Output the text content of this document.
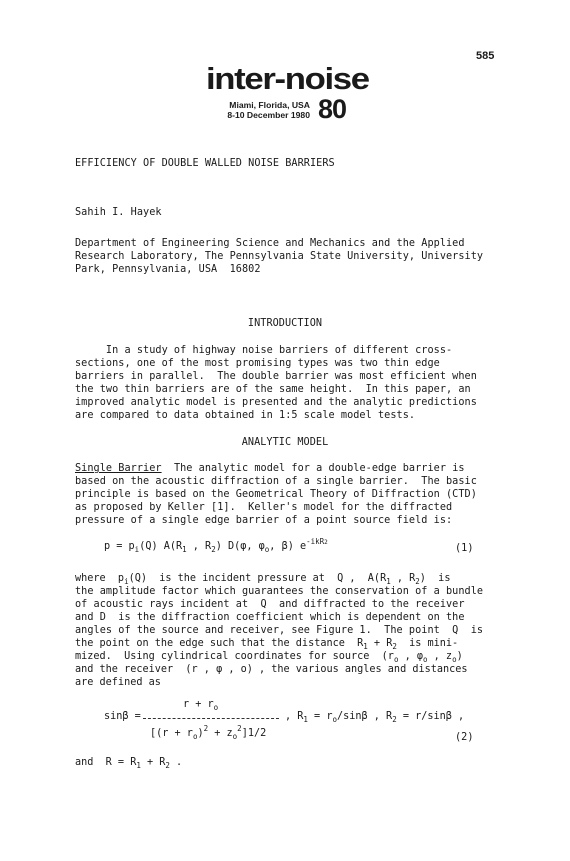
585
inter-noise
Miami, Florida, USA
8-10 December 1980 80
EFFICIENCY OF DOUBLE WALLED NOISE BARRIERS
Sahih I. Hayek
Department of Engineering Science and Mechanics and the Applied
Research Laboratory, The Pennsylvania State University, University
Park, Pennsylvania, USA  16802
INTRODUCTION
In a study of highway noise barriers of different cross-
sections, one of the most promising types was two thin edge
barriers in parallel.  The double barrier was most efficient when
the two thin barriers are of the same height.  In this paper, an
improved analytic model is presented and the analytic predictions
are compared to data obtained in 1:5 scale model tests.
ANALYTIC MODEL
Single Barrier  The analytic model for a double-edge barrier is
based on the acoustic diffraction of a single barrier.  The basic
principle is based on the Geometrical Theory of Diffraction (CTD)
as proposed by Keller [1].  Keller's model for the diffracted
pressure of a single edge barrier of a point source field is:
$p = p_i(Q)$ $A(R_1$ , $R_2$) D(φ, $\varphi_o$, β) $e^{-ikR2}$
(1)
where  $p_i(Q)$  is the incident pressure at  Q ,  $A(R_1$ , $R_2$)  is
the amplitude factor which guarantees the conservation of a bundle
of acoustic rays incident at  Q  and diffracted to the receiver
and D  is the diffraction coefficient which is dependent on the
angles of the source and receiver, see Figure 1.  The point  Q  is
the point on the edge such that the distance  $R_1 + R_2$  is mini-
mized.  Using cylindrical coordinates for source  ($r_o$ , $\varphi_o$ , $z_o$)
and the receiver  (r , φ , o) , the various angles and distances
are defined as
$r + r_o$
sinβ =	, $R_1 = r_o/\sin\beta$ , $R_2 = r/\sin\beta$ ,
$[(r + r_o)^2 + z_o^2]1/2$	(2)
and  $R = R_1 + R_2$ .
